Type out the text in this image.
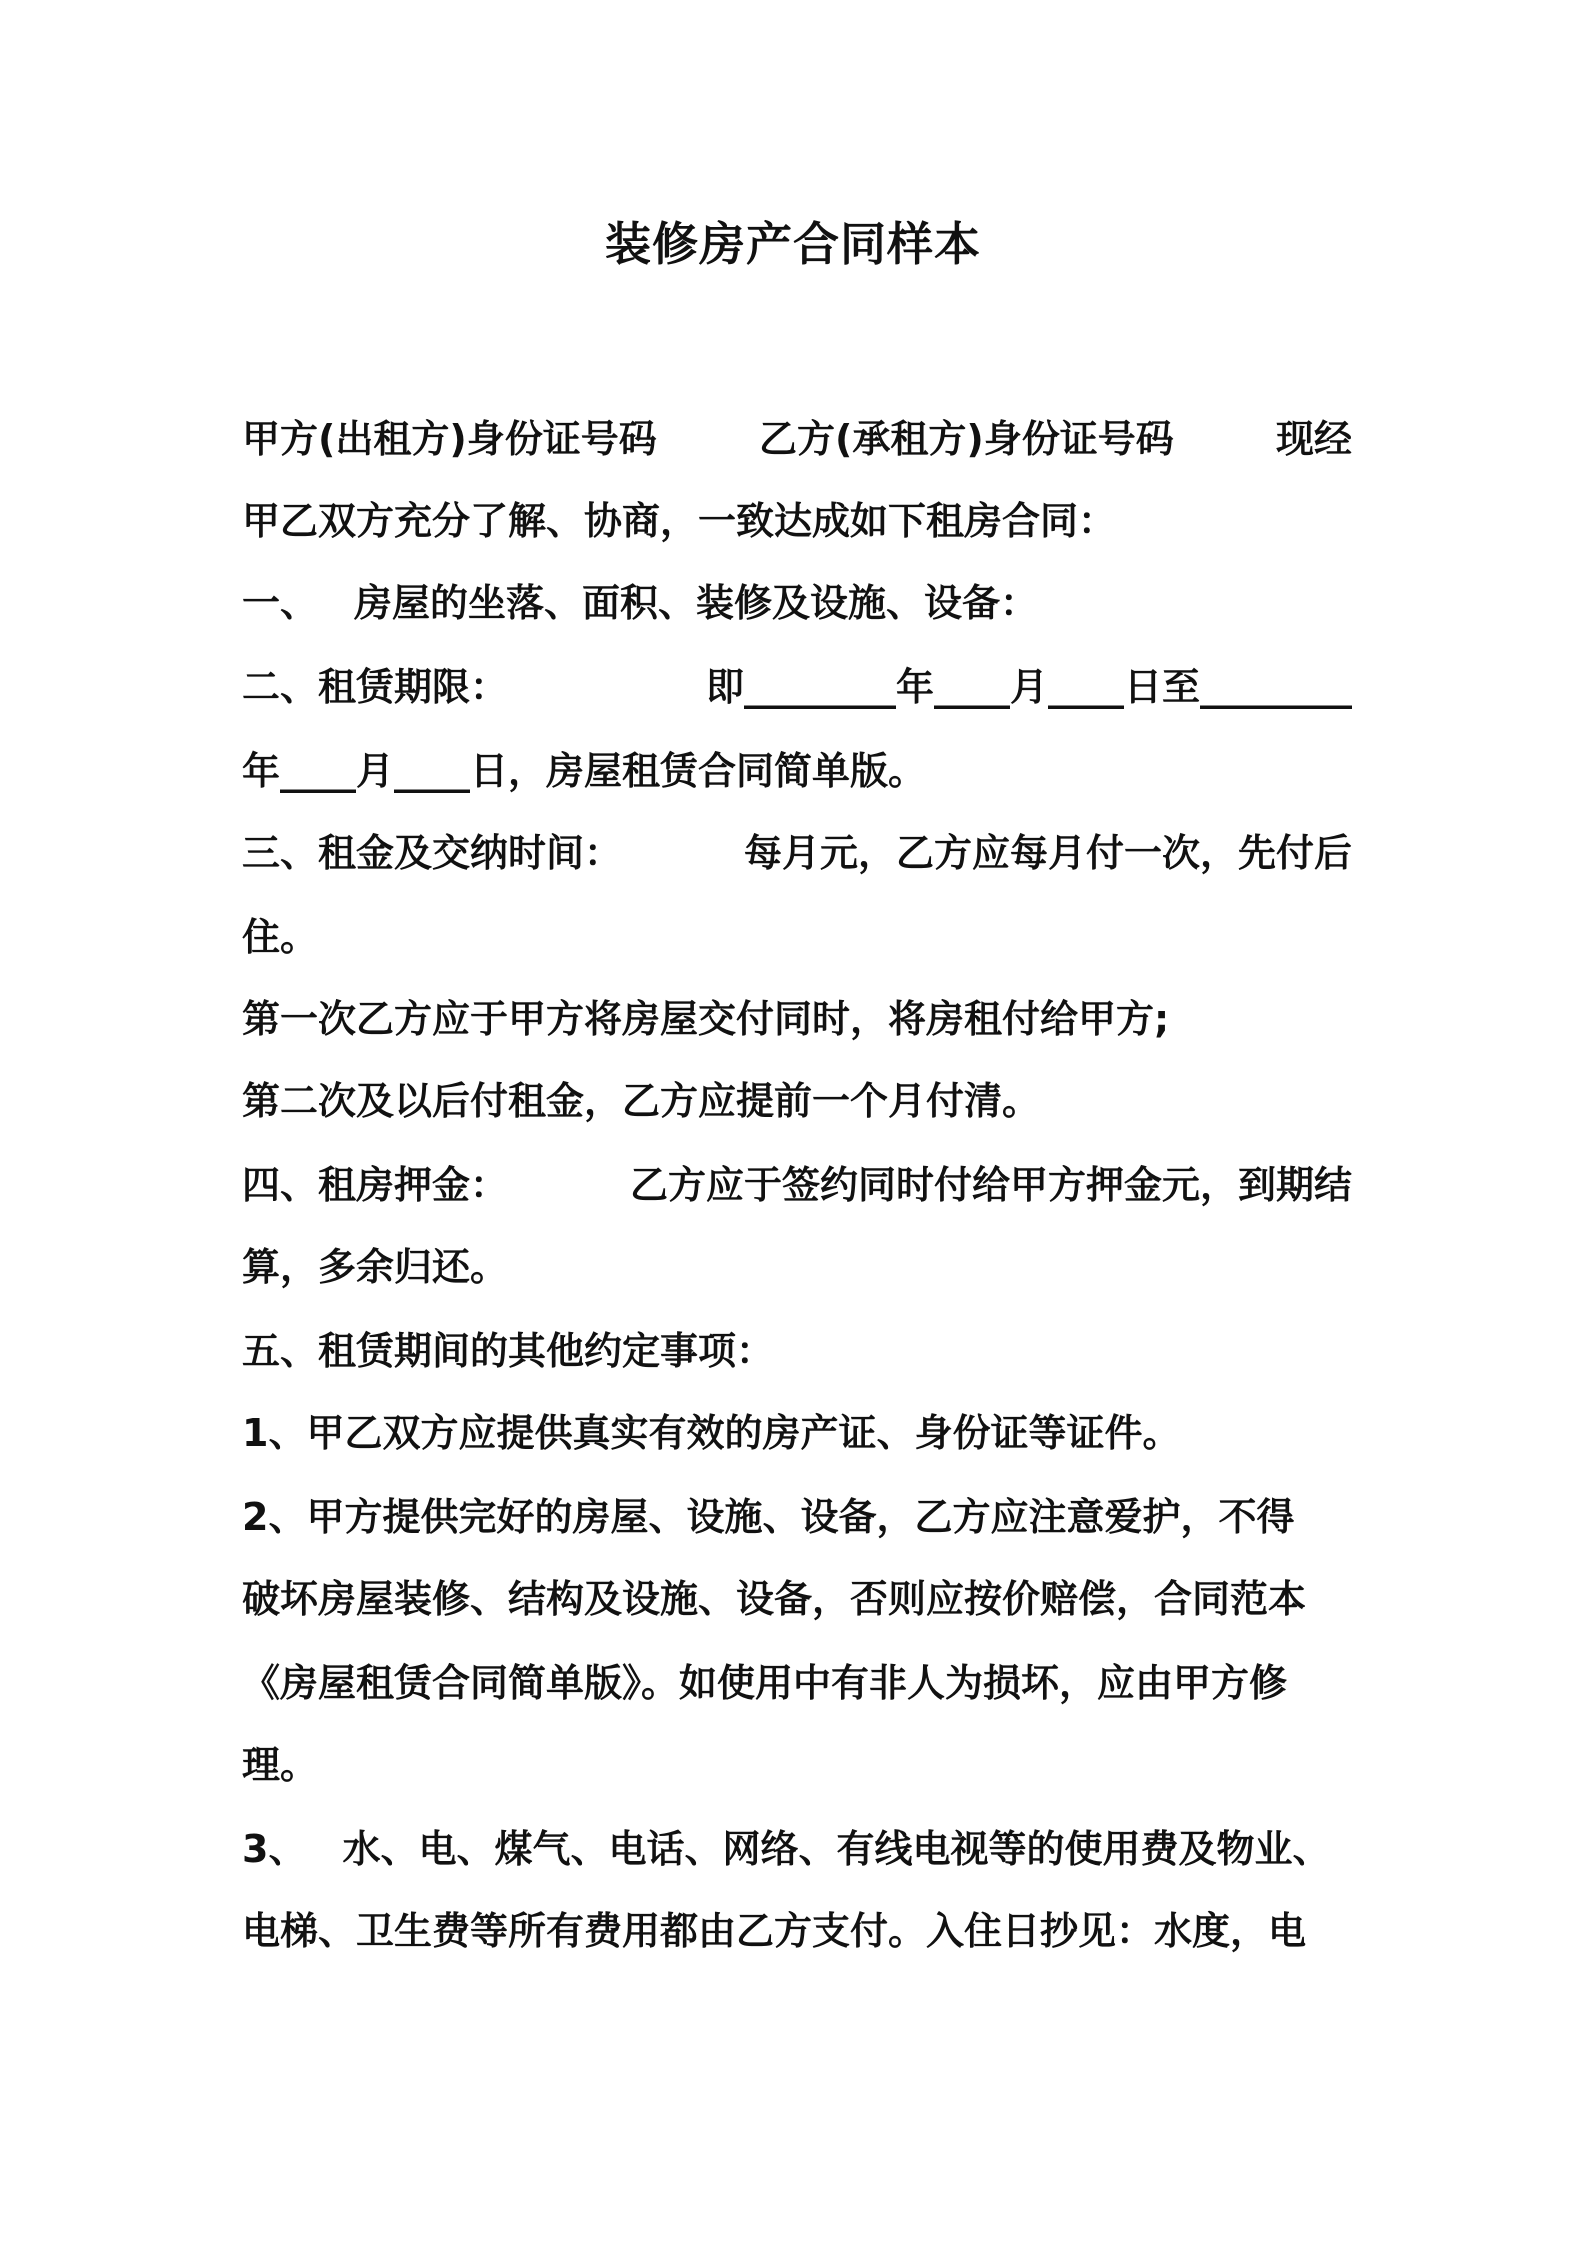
装修房产合同样本
甲方(出租方)身份证号码	乙方(承租方)身份证号码	现经
甲乙双方充分了解、协商，一致达成如下租房合同：
一、 房屋的坐落、面积、装修及设施、设备：
二、租赁期限：	即________年____月____日至________
年____月____日，房屋租赁合同简单版。
三、租金及交纳时间：	每月元，乙方应每月付一次，先付后
住。
第一次乙方应于甲方将房屋交付同时，将房租付给甲方;
第二次及以后付租金，乙方应提前一个月付清。
四、租房押金：	乙方应于签约同时付给甲方押金元，到期结
算，多余归还。
五、租赁期间的其他约定事项：
1、甲乙双方应提供真实有效的房产证、身份证等证件。
2、甲方提供完好的房屋、设施、设备，乙方应注意爱护，不得
破坏房屋装修、结构及设施、设备，否则应按价赔偿，合同范本
《房屋租赁合同简单版》。如使用中有非人为损坏，应由甲方修
理。
3、 水、电、煤气、电话、网络、有线电视等的使用费及物业、
电梯、卫生费等所有费用都由乙方支付。入住日抄见：水度，电
